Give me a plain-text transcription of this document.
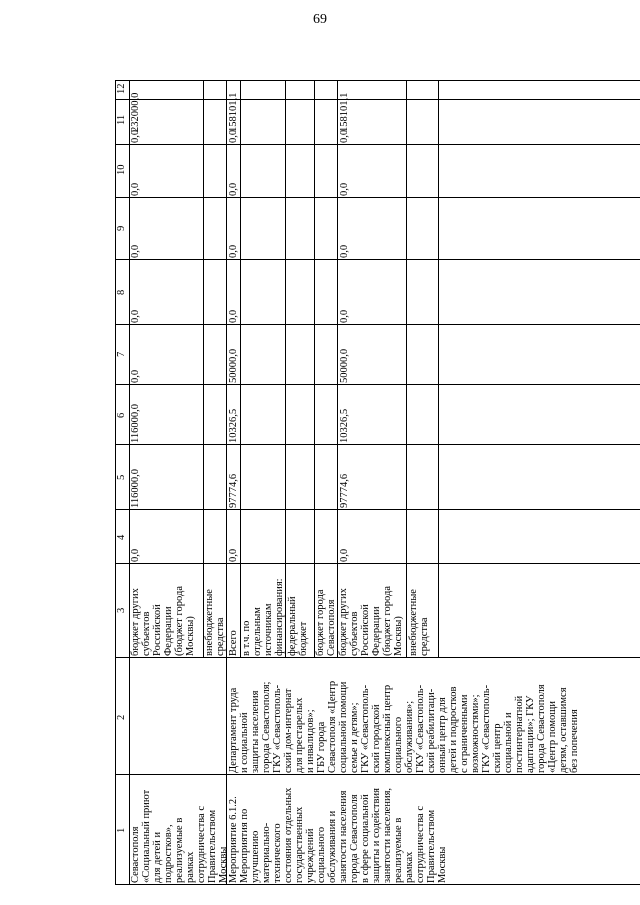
69
1
2
3
4
5
6
7
8
9
10
11
12
Севастополя
«Социальный приют
для детей и
подростков»,
реализуемые в
рамках
сотрудничества с
Правительством
Москвы
бюджет других
субъектов
Российской
Федерации
(бюджет города
Москвы) внебюджетные
средства
0,0
116000,0
116000,0
0,0
0,0
0,0
0,0
0,0
232000,0
Мероприятие 6.1.2.
Мероприятия по
улучшению
материально-
технического
состояния отдельных
государственных
учреждений
социального
обслуживания и
занятости населения
города Севастополя
в сфере социальной
защиты и содействия
занятости населения,
реализуемые в
рамках
сотрудничества с
Правительством
Москвы
Департамент труда
и социальной
защиты населения
города Севастополя;
ГКУ «Севастополь-
ский дом-интернат
для престарелых
и инвалидов»;
ГБУ города
Севастополя «Центр
социальной помощи
семье и детям»;
ГКУ «Севастополь-
ский городской
комплексный центр
социального
обслуживания»;
ГКУ «Севастополь-
ский реабилитаци-
онный центр для
детей и подростков
с ограниченными
возможностями»;
ГКУ «Севастополь-
ский центр
социальной и
постинтернатной
адаптации»; ГКУ
города Севастополя
«Центр помощи
детям, оставшимся
без попечения
Всего в т.ч. по
отдельным
источникам
финансирования: федеральный
бюджет бюджет города
Севастополя бюджет других
субъектов
Российской
Федерации
(бюджет города
Москвы) внебюджетные
средства
0,0
97774,6
10326,5
50000,0
0,0
0,0
0,0
0,0
158101,1
0,0
97774,6
10326,5
50000,0
0,0
0,0
0,0
0,0
158101,1
